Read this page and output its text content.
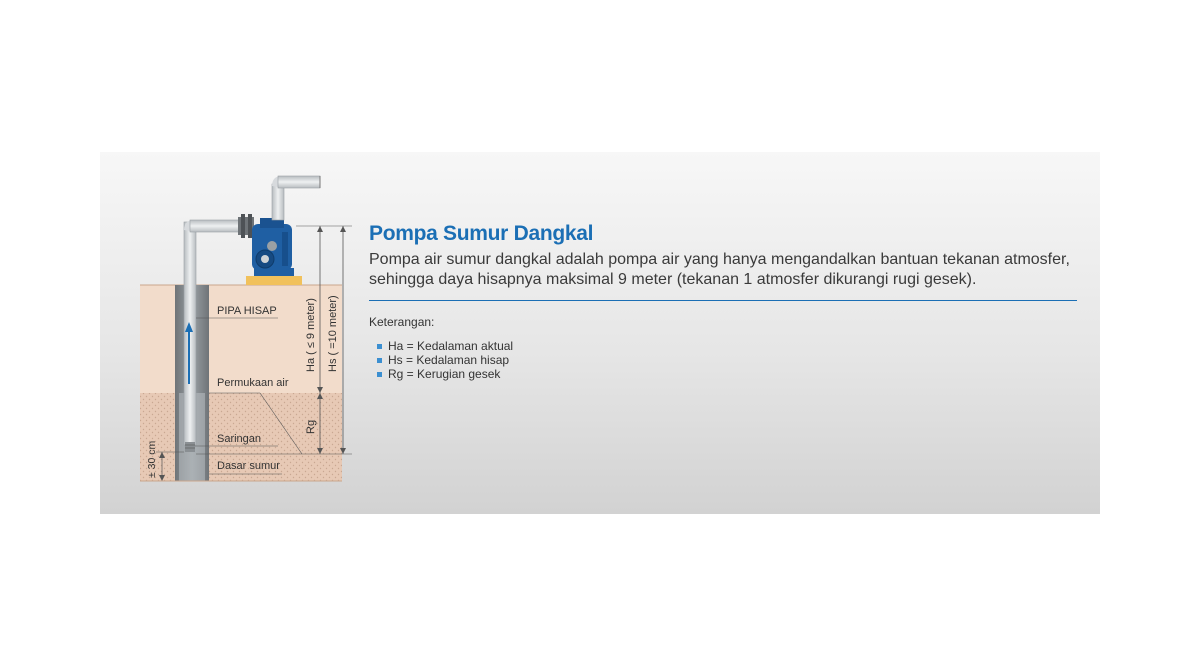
Ha ( ≤ 9 meter) Hs ( =10 meter)
Rg
± 30 cm
PIPA HISAP
Permukaan air
Saringan
Dasar sumur
Pompa Sumur Dangkal

Pompa air sumur dangkal adalah pompa air yang hanya mengandalkan bantuan tekanan atmosfer, sehingga daya hisapnya maksimal 9 meter (tekanan 1 atmosfer dikurangi rugi gesek).

Keterangan:
Ha = Kedalaman aktual
Hs = Kedalaman hisap
Rg = Kerugian gesek
